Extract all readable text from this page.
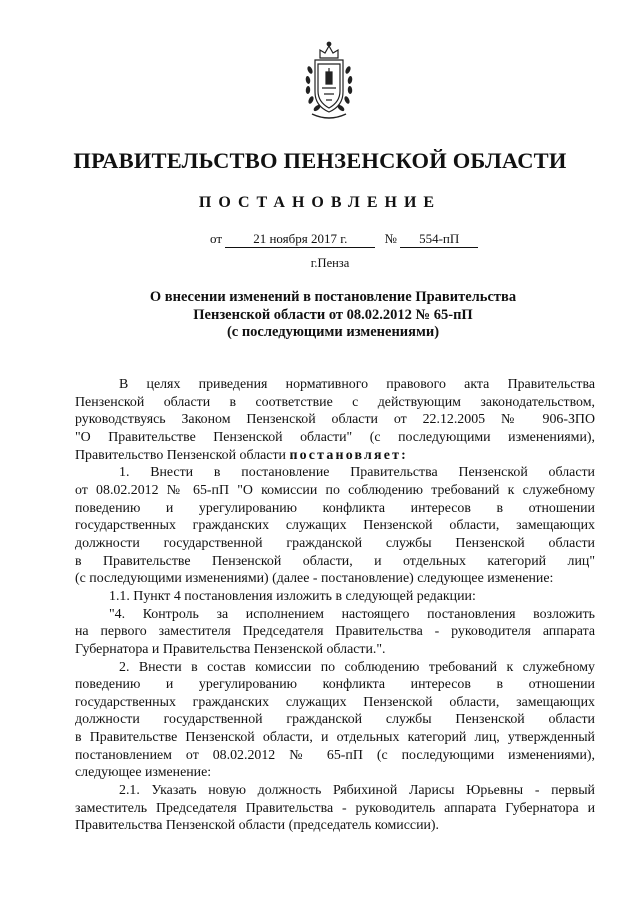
ПРАВИТЕЛЬСТВО ПЕНЗЕНСКОЙ ОБЛАСТИ
ПОСТАНОВЛЕНИЕ
от 21 ноября 2017 г.	№ 554-пП
г.Пенза
О внесении изменений в постановление Правительства
Пензенской области от 08.02.2012 № 65-пП
(с последующими изменениями)

В целях приведения нормативного правового акта Правительства

Пензенской области в соответствие с действующим законодательством,

руководствуясь Законом Пензенской области от 22.12.2005 № 906-ЗПО

"О Правительстве Пензенской области" (с последующими изменениями),

Правительство Пензенской области постановляет:

1. Внести в постановление Правительства Пензенской области

от 08.02.2012 № 65-пП "О комиссии по соблюдению требований к служебному

поведению и урегулированию конфликта интересов в отношении

государственных гражданских служащих Пензенской области, замещающих

должности государственной гражданской службы Пензенской области

в Правительстве Пензенской области, и отдельных категорий лиц"

(с последующими изменениями) (далее - постановление) следующее изменение:

1.1. Пункт 4 постановления изложить в следующей редакции:

"4. Контроль за исполнением настоящего постановления возложить

на первого заместителя Председателя Правительства - руководителя аппарата

Губернатора и Правительства Пензенской области.".

2. Внести в состав комиссии по соблюдению требований к служебному

поведению и урегулированию конфликта интересов в отношении

государственных гражданских служащих Пензенской области, замещающих

должности государственной гражданской службы Пензенской области

в Правительстве Пензенской области, и отдельных категорий лиц, утвержденный

постановлением от 08.02.2012 № 65-пП (с последующими изменениями),

следующее изменение:

2.1. Указать новую должность Рябихиной Ларисы Юрьевны - первый

заместитель Председателя Правительства - руководитель аппарата Губернатора и

Правительства Пензенской области (председатель комиссии).
